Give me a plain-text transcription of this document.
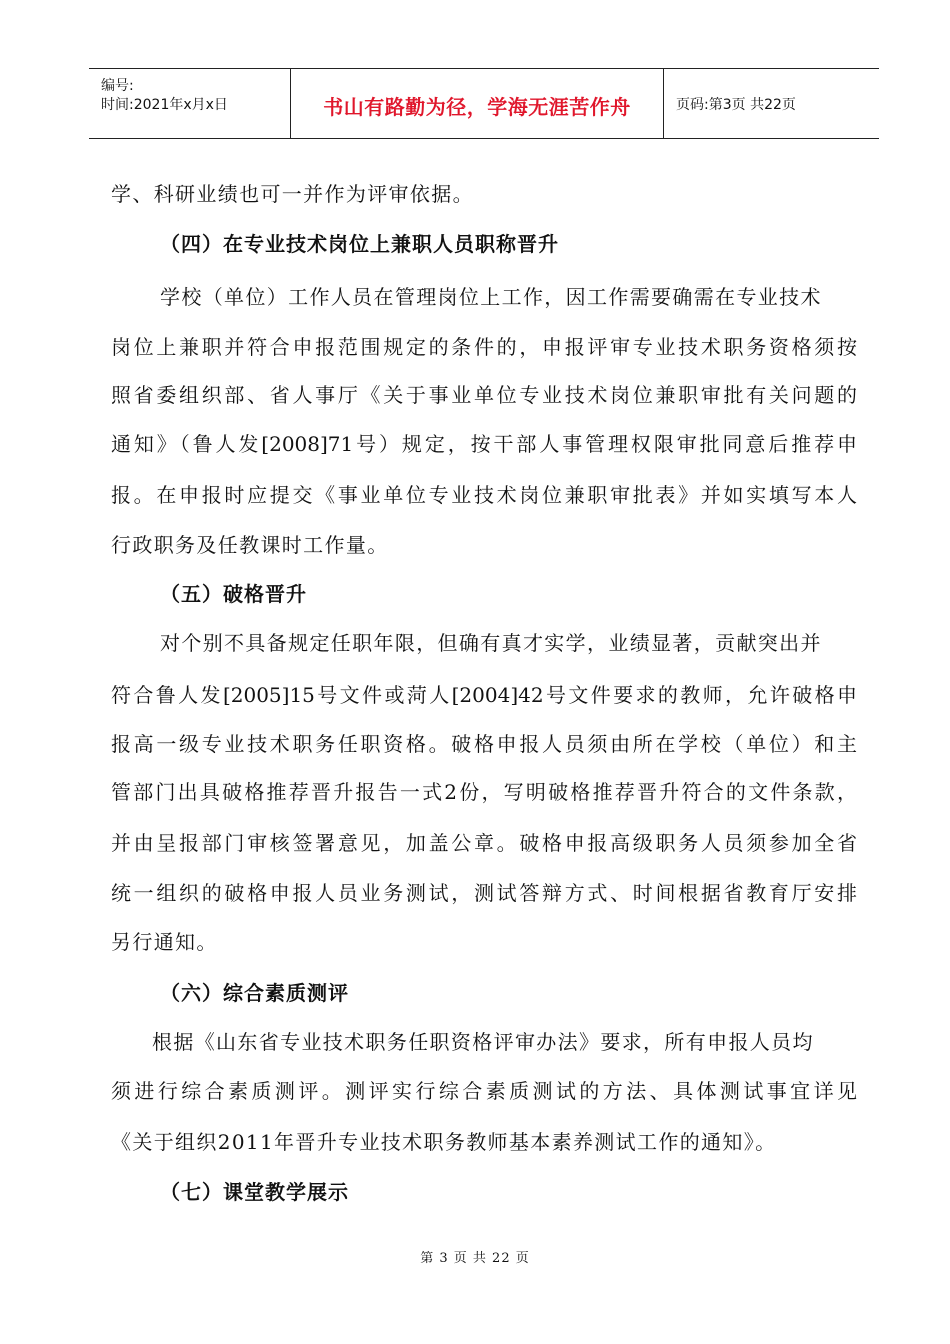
编号:
时间:2021年x月x日	书山有路勤为径，学海无涯苦作舟	页码:第3页 共22页
学、科研业绩也可一并作为评审依据。
（四）在专业技术岗位上兼职人员职称晋升
学校（单位）工作人员在管理岗位上工作，因工作需要确需在专业技术
岗位上兼职并符合申报范围规定的条件的，申报评审专业技术职务资格须按
照省委组织部、省人事厅《关于事业单位专业技术岗位兼职审批有关问题的
通知》（鲁人发[2008]71号）规定，按干部人事管理权限审批同意后推荐申
报。在申报时应提交《事业单位专业技术岗位兼职审批表》并如实填写本人
行政职务及任教课时工作量。
（五）破格晋升
对个别不具备规定任职年限，但确有真才实学，业绩显著，贡献突出并
符合鲁人发[2005]15号文件或菏人[2004]42号文件要求的教师，允许破格申
报高一级专业技术职务任职资格。破格申报人员须由所在学校（单位）和主
管部门出具破格推荐晋升报告一式2份，写明破格推荐晋升符合的文件条款，
并由呈报部门审核签署意见，加盖公章。破格申报高级职务人员须参加全省
统一组织的破格申报人员业务测试，测试答辩方式、时间根据省教育厅安排
另行通知。
（六）综合素质测评
根据《山东省专业技术职务任职资格评审办法》要求，所有申报人员均
须进行综合素质测评。测评实行综合素质测试的方法、具体测试事宜详见
《关于组织2011年晋升专业技术职务教师基本素养测试工作的通知》。
（七）课堂教学展示
第 3 页 共 22 页
